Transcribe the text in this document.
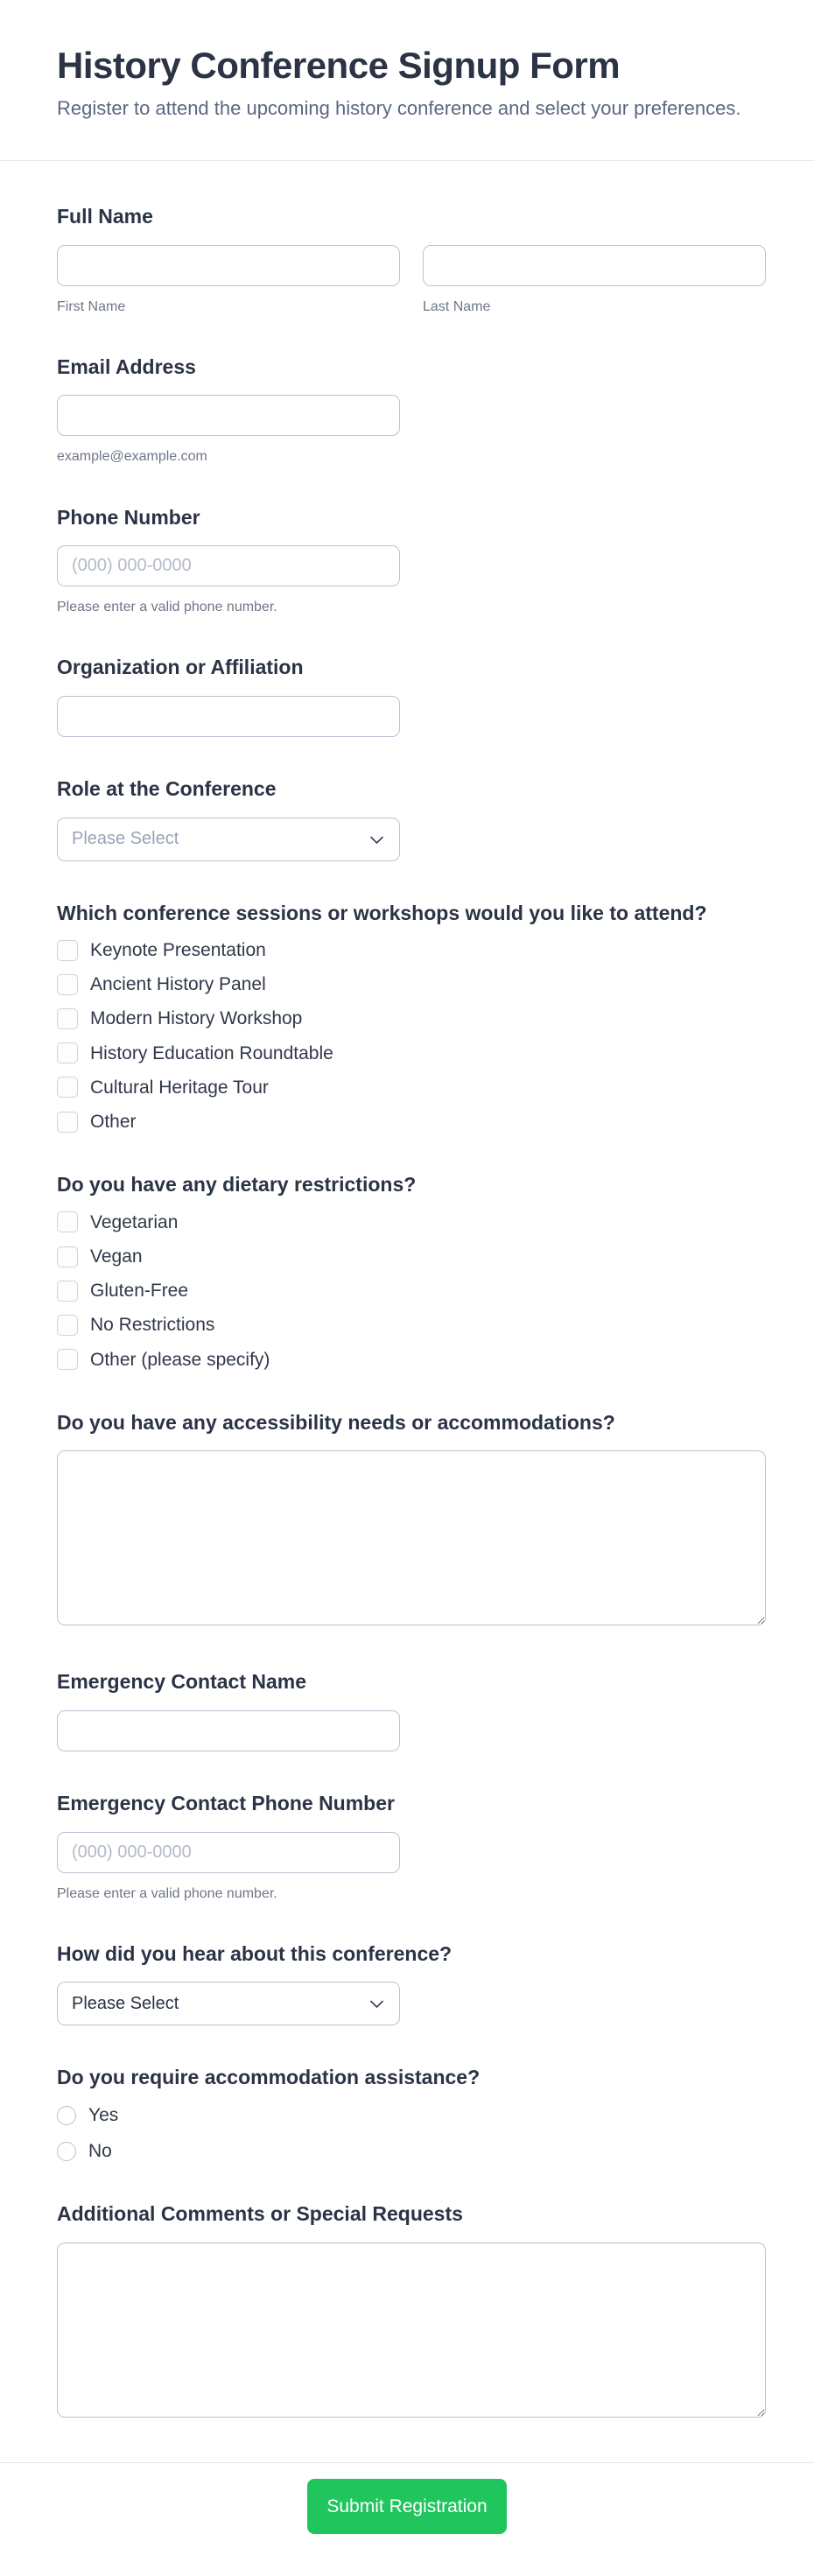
History Conference Signup Form

Register to attend the upcoming history conference and select your preferences.

Full Name
First Name	Last Name
Email Address
example@example.com
Phone Number
(000) 000-0000
Please enter a valid phone number.
Organization or Affiliation
Role at the Conference
Please Select
Which conference sessions or workshops would you like to attend?
Keynote Presentation
Ancient History Panel
Modern History Workshop
History Education Roundtable
Cultural Heritage Tour
Other
Do you have any dietary restrictions?
Vegetarian
Vegan
Gluten-Free
No Restrictions
Other (please specify)
Do you have any accessibility needs or accommodations?
Emergency Contact Name
Emergency Contact Phone Number
(000) 000-0000
Please enter a valid phone number.
How did you hear about this conference?
Please Select
Do you require accommodation assistance?
Yes
No
Additional Comments or Special Requests
Submit Registration
